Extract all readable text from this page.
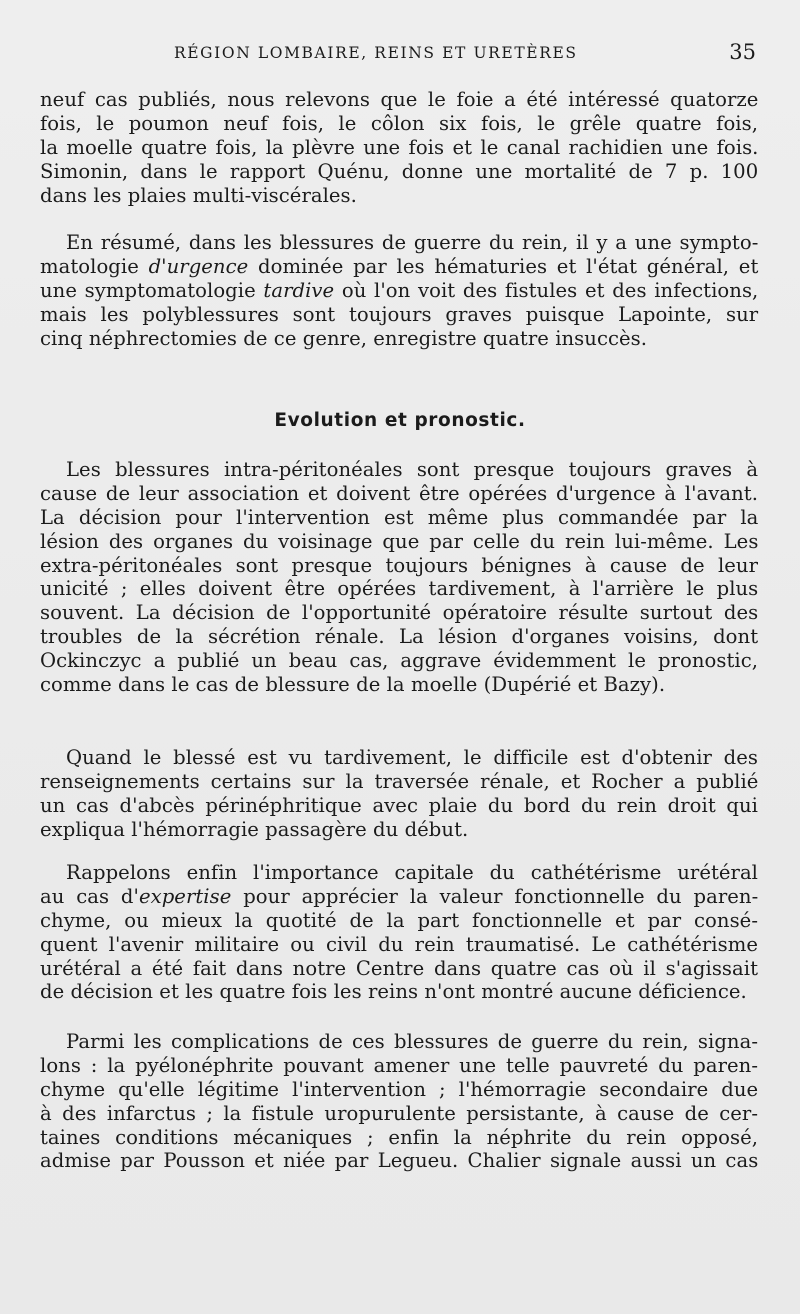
RÉGION LOMBAIRE, REINS ET URETÈRES	35
neuf cas publiés, nous relevons que le foie a été intéressé quatorze
fois, le poumon neuf fois, le côlon six fois, le grêle quatre fois,
la moelle quatre fois, la plèvre une fois et le canal rachidien une fois.
Simonin, dans le rapport Quénu, donne une mortalité de 7 p. 100
dans les plaies multi-viscérales.
En résumé, dans les blessures de guerre du rein, il y a une sympto-
matologie d'urgence dominée par les hématuries et l'état général, et
une symptomatologie tardive où l'on voit des fistules et des infections,
mais les polyblessures sont toujours graves puisque Lapointe, sur
cinq néphrectomies de ce genre, enregistre quatre insuccès.
Evolution et pronostic.
Les blessures intra-péritonéales sont presque toujours graves à
cause de leur association et doivent être opérées d'urgence à l'avant.
La décision pour l'intervention est même plus commandée par la
lésion des organes du voisinage que par celle du rein lui-même. Les
extra-péritonéales sont presque toujours bénignes à cause de leur
unicité ; elles doivent être opérées tardivement, à l'arrière le plus
souvent. La décision de l'opportunité opératoire résulte surtout des
troubles de la sécrétion rénale. La lésion d'organes voisins, dont
Ockinczyc a publié un beau cas, aggrave évidemment le pronostic,
comme dans le cas de blessure de la moelle (Dupérié et Bazy).
Quand le blessé est vu tardivement, le difficile est d'obtenir des
renseignements certains sur la traversée rénale, et Rocher a publié
un cas d'abcès périnéphritique avec plaie du bord du rein droit qui
expliqua l'hémorragie passagère du début.
Rappelons enfin l'importance capitale du cathétérisme urétéral
au cas d'expertise pour apprécier la valeur fonctionnelle du paren-
chyme, ou mieux la quotité de la part fonctionnelle et par consé-
quent l'avenir militaire ou civil du rein traumatisé. Le cathétérisme
urétéral a été fait dans notre Centre dans quatre cas où il s'agissait
de décision et les quatre fois les reins n'ont montré aucune déficience.
Parmi les complications de ces blessures de guerre du rein, signa-
lons : la pyélonéphrite pouvant amener une telle pauvreté du paren-
chyme qu'elle légitime l'intervention ; l'hémorragie secondaire due
à des infarctus ; la fistule uropurulente persistante, à cause de cer-
taines conditions mécaniques ; enfin la néphrite du rein opposé,
admise par Pousson et niée par Legueu. Chalier signale aussi un cas
